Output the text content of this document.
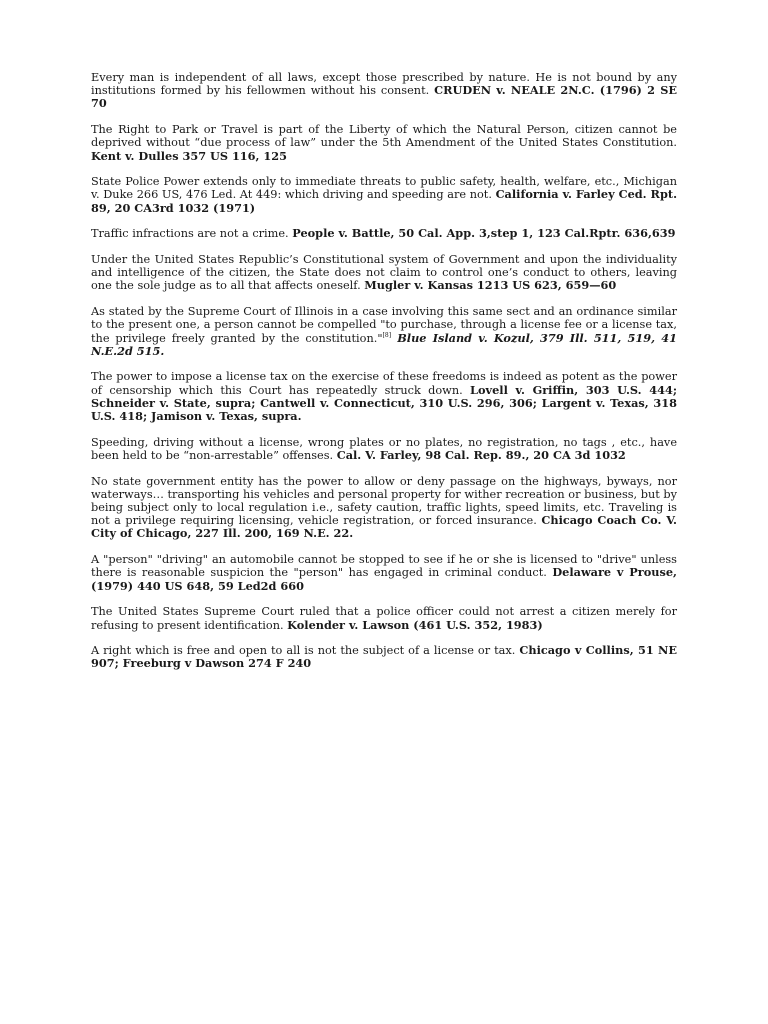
Every man is independent of all laws, except those prescribed by nature. He is not bound by any institutions formed by his fellowmen without his consent. CRUDEN v. NEALE 2N.C. (1796) 2 SE 70

The Right to Park or Travel is part of the Liberty of which the Natural Person, citizen cannot be deprived without “due process of law” under the 5th Amendment of the United States Constitution. Kent v. Dulles 357 US 116, 125

State Police Power extends only to immediate threats to public safety, health, welfare, etc., Michigan v. Duke 266 US, 476 Led. At 449: which driving and speeding are not. California v. Farley Ced. Rpt. 89, 20 CA3rd 1032 (1971)

Traffic infractions are not a crime. People v. Battle, 50 Cal. App. 3,step 1, 123 Cal.Rptr. 636,639

Under the United States Republic’s Constitutional system of Government and upon the individuality and intelligence of the citizen, the State does not claim to control one’s conduct to others, leaving one the sole judge as to all that affects oneself. Mugler v. Kansas 1213 US 623, 659—60

As stated by the Supreme Court of Illinois in a case involving this same sect and an ordinance similar to the present one, a person cannot be compelled "to purchase, through a license fee or a license tax, the privilege freely granted by the constitution."[8] Blue Island v. Kozul, 379 Ill. 511, 519, 41 N.E.2d 515.

The power to impose a license tax on the exercise of these freedoms is indeed as potent as the power of censorship which this Court has repeatedly struck down. Lovell v. Griffin, 303 U.S. 444; Schneider v. State, supra; Cantwell v. Connecticut, 310 U.S. 296, 306; Largent v. Texas, 318 U.S. 418; Jamison v. Texas, supra.

Speeding, driving without a license, wrong plates or no plates, no registration, no tags , etc., have been held to be “non-arrestable” offenses. Cal. V. Farley, 98 Cal. Rep. 89., 20 CA 3d 1032

No state government entity has the power to allow or deny passage on the highways, byways, nor waterways… transporting his vehicles and personal property for wither recreation or business, but by being subject only to local regulation i.e., safety caution, traffic lights, speed limits, etc. Traveling is not a privilege requiring licensing, vehicle registration, or forced insurance. Chicago Coach Co. V. City of Chicago, 227 Ill. 200, 169 N.E. 22.

A "person" "driving" an automobile cannot be stopped to see if he or she is licensed to "drive" unless there is reasonable suspicion the "person" has engaged in criminal conduct. Delaware v Prouse, (1979) 440 US 648, 59 Led2d 660

The United States Supreme Court ruled that a police officer could not arrest a citizen merely for refusing to present identification. Kolender v. Lawson (461 U.S. 352, 1983)

A right which is free and open to all is not the subject of a license or tax. Chicago v Collins, 51 NE 907; Freeburg v Dawson 274 F 240
